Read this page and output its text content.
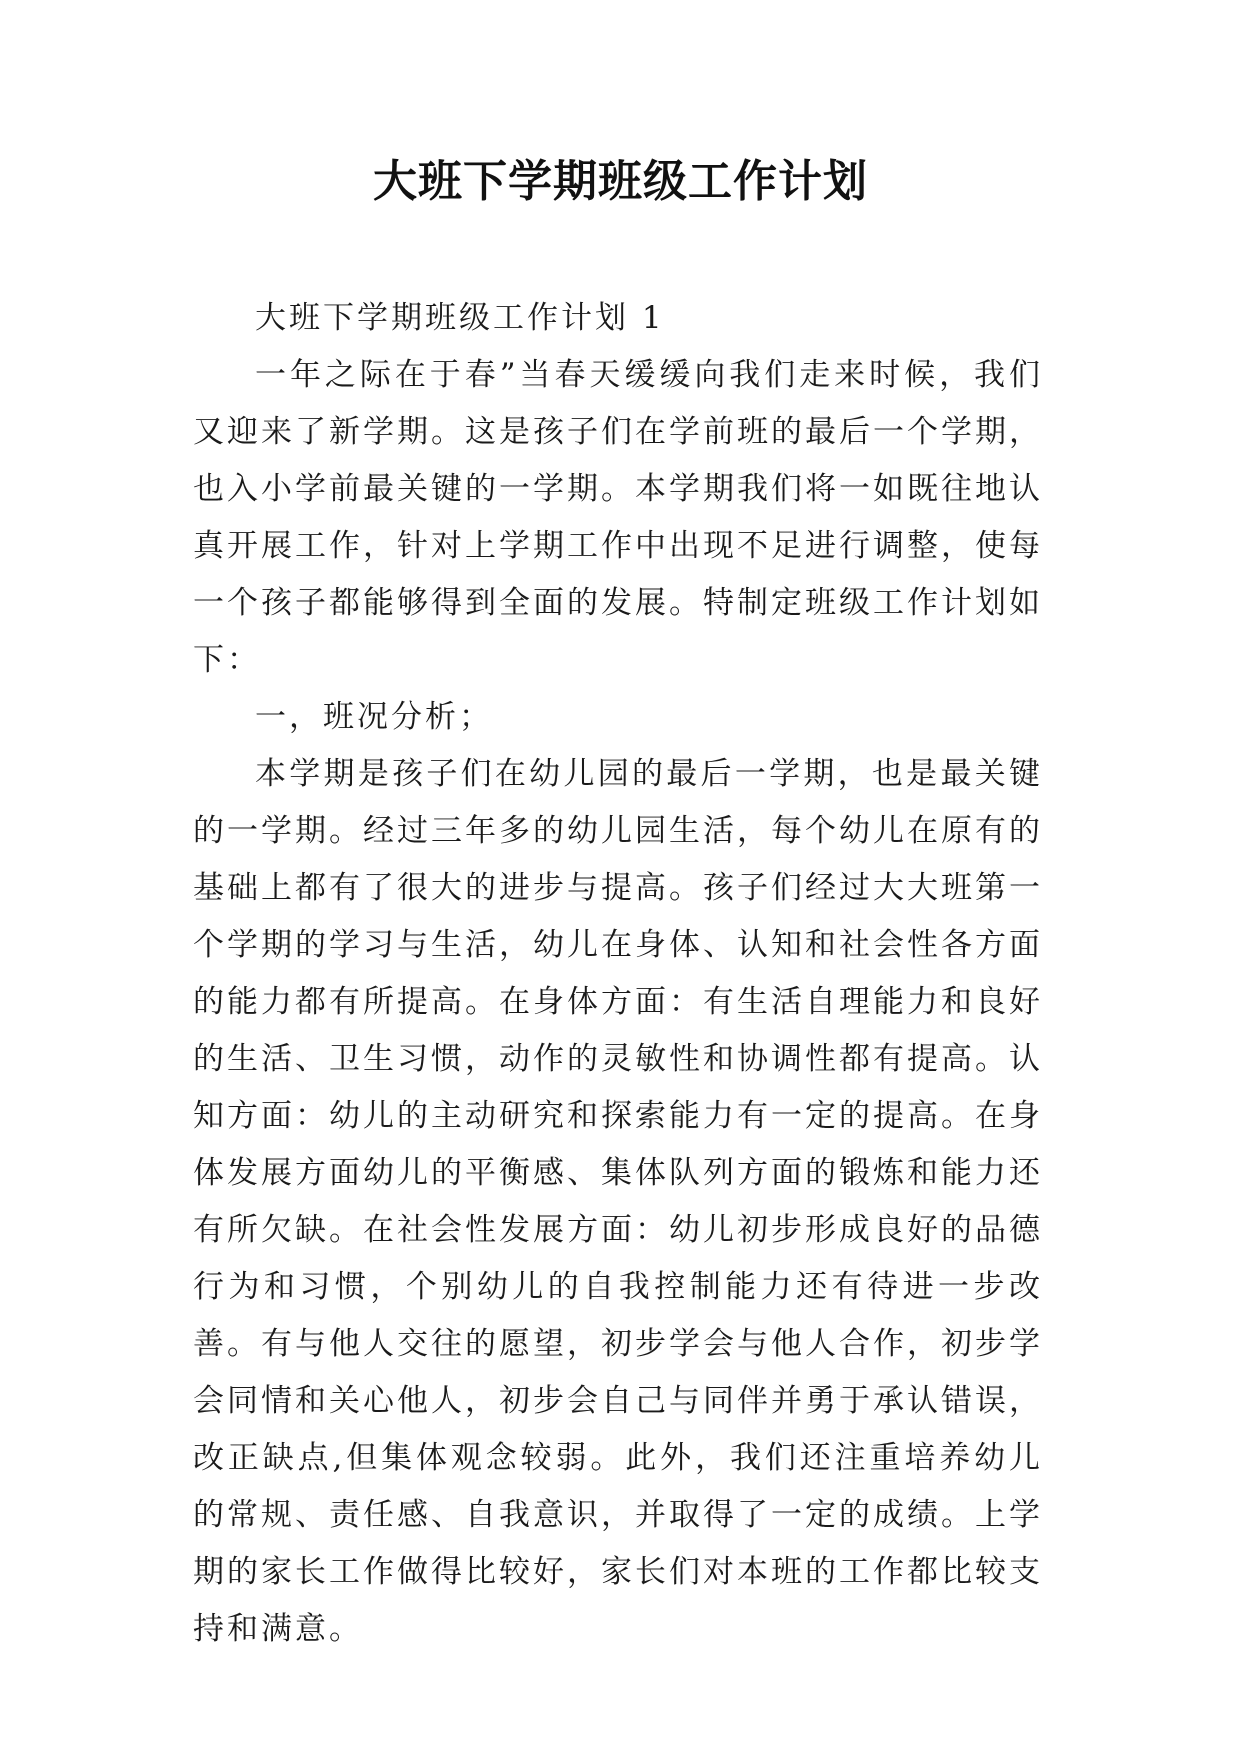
大班下学期班级工作计划

大班下学期班级工作计划 1

一年之际在于春”当春天缓缓向我们走来时候，我们又迎来了新学期。这是孩子们在学前班的最后一个学期，也入小学前最关键的一学期。本学期我们将一如既往地认真开展工作，针对上学期工作中出现不足进行调整，使每一个孩子都能够得到全面的发展。特制定班级工作计划如下：

一，班况分析；

本学期是孩子们在幼儿园的最后一学期，也是最关键的一学期。经过三年多的幼儿园生活，每个幼儿在原有的基础上都有了很大的进步与提高。孩子们经过大大班第一个学期的学习与生活，幼儿在身体、认知和社会性各方面的能力都有所提高。在身体方面：有生活自理能力和良好的生活、卫生习惯，动作的灵敏性和协调性都有提高。认知方面：幼儿的主动研究和探索能力有一定的提高。在身体发展方面幼儿的平衡感、集体队列方面的锻炼和能力还有所欠缺。在社会性发展方面：幼儿初步形成良好的品德行为和习惯，个别幼儿的自我控制能力还有待进一步改善。有与他人交往的愿望，初步学会与他人合作，初步学会同情和关心他人，初步会自己与同伴并勇于承认错误，改正缺点,但集体观念较弱。此外，我们还注重培养幼儿的常规、责任感、自我意识，并取得了一定的成绩。上学期的家长工作做得比较好，家长们对本班的工作都比较支持和满意。
